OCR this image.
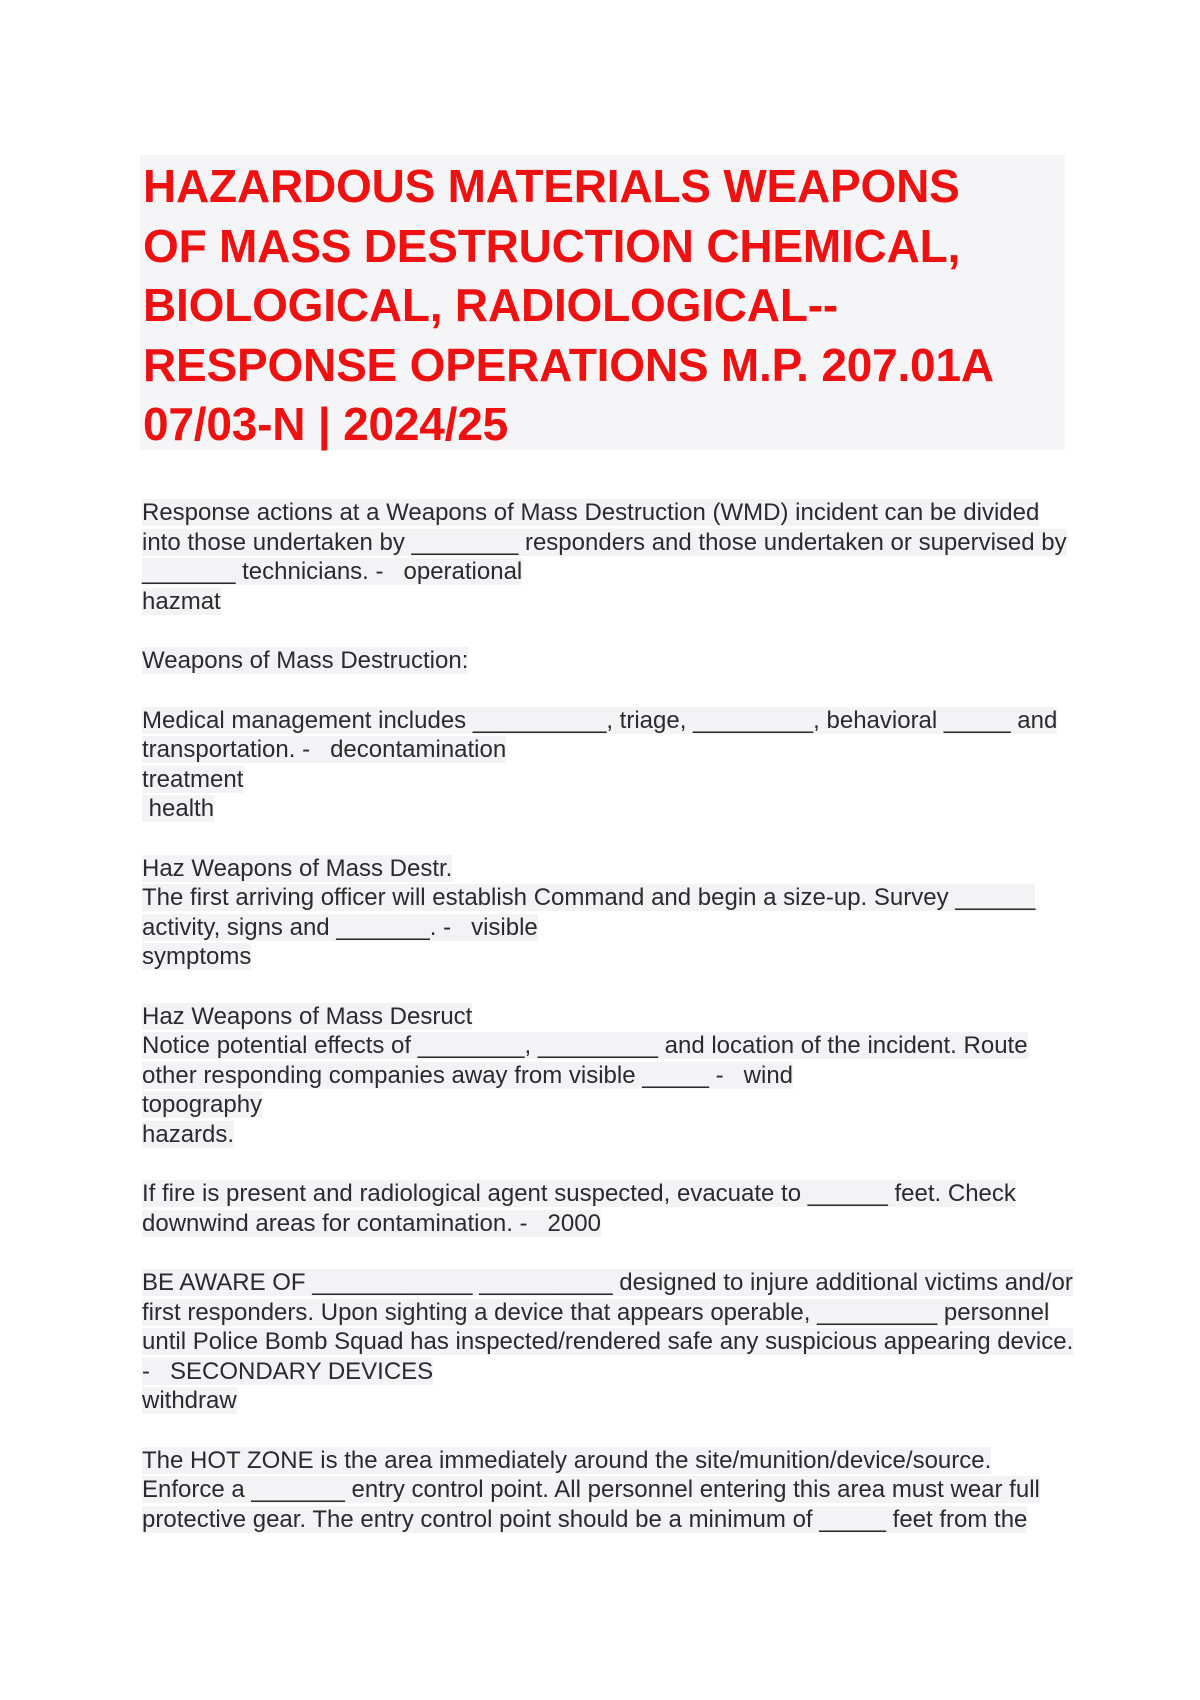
HAZARDOUS MATERIALS WEAPONS
OF MASS DESTRUCTION CHEMICAL,
BIOLOGICAL, RADIOLOGICAL--
RESPONSE OPERATIONS M.P. 207.01A
07/03-N | 2024/25
Response actions at a Weapons of Mass Destruction (WMD) incident can be divided
into those undertaken by ________ responders and those undertaken or supervised by
_______ technicians. -   operational
hazmat
Weapons of Mass Destruction:
Medical management includes __________, triage, _________, behavioral _____ and
transportation. -   decontamination
treatment
health
Haz Weapons of Mass Destr.
The first arriving officer will establish Command and begin a size-up. Survey ______
activity, signs and _______. -   visible
symptoms
Haz Weapons of Mass Desruct
Notice potential effects of ________, _________ and location of the incident. Route
other responding companies away from visible _____ -   wind
topography
hazards.
If fire is present and radiological agent suspected, evacuate to ______ feet. Check
downwind areas for contamination. -   2000
BE AWARE OF ____________ __________ designed to injure additional victims and/or
first responders. Upon sighting a device that appears operable, _________ personnel
until Police Bomb Squad has inspected/rendered safe any suspicious appearing device.
-   SECONDARY DEVICES
withdraw
The HOT ZONE is the area immediately around the site/munition/device/source.
Enforce a _______ entry control point. All personnel entering this area must wear full
protective gear. The entry control point should be a minimum of _____ feet from the
